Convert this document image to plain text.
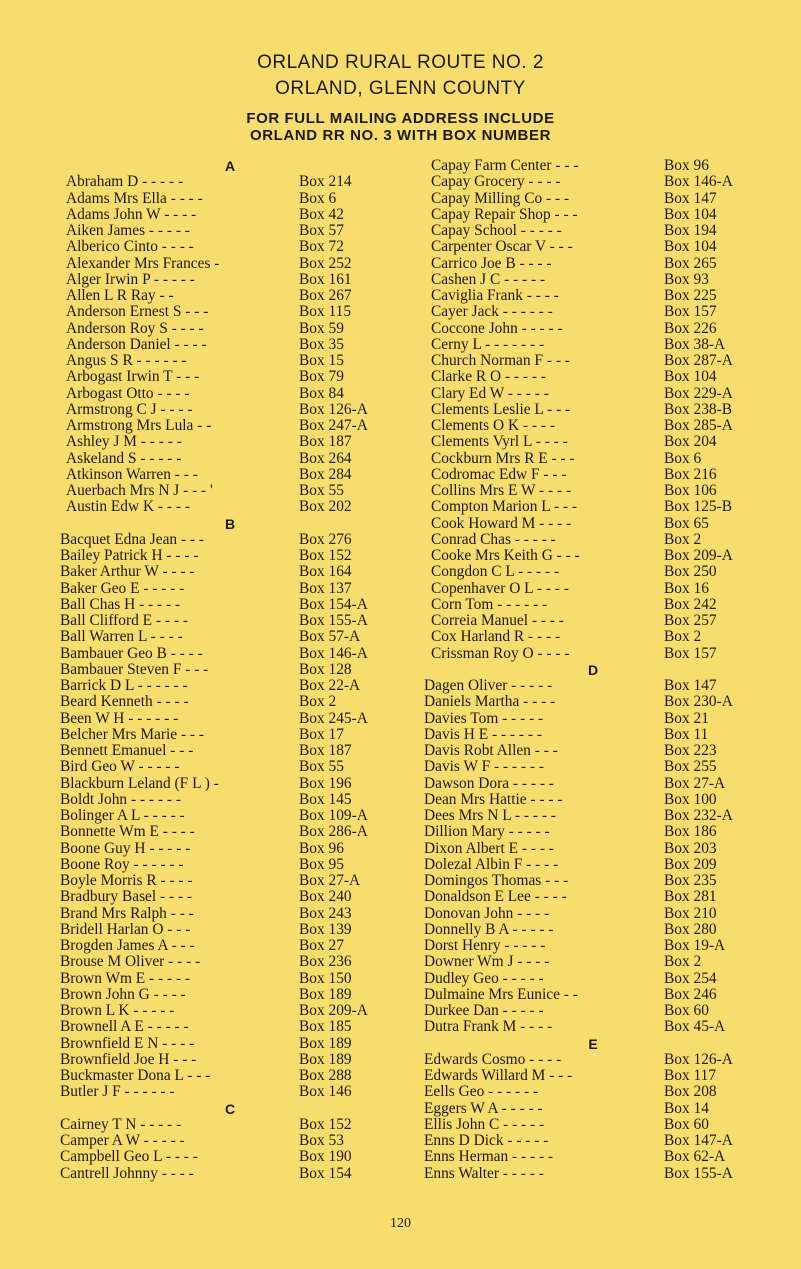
ORLAND RURAL ROUTE NO. 2
ORLAND, GLENN COUNTY
FOR FULL MAILING ADDRESS INCLUDE
ORLAND RR NO. 3 WITH BOX NUMBER
A
Abraham D - - - - -	Box 214
Adams Mrs Ella - - - -	Box 6
Adams John W - - - -	Box 42
Aiken James - - - - -	Box 57
Alberico Cinto - - - -	Box 72
Alexander Mrs Frances -	Box 252
Alger Irwin P - - - - -	Box 161
Allen L R Ray - -	Box 267
Anderson Ernest S - - -	Box 115
Anderson Roy S - - - -	Box 59
Anderson Daniel - - - -	Box 35
Angus S R - - - - - -	Box 15
Arbogast Irwin T - - -	Box 79
Arbogast Otto - - - -	Box 84
Armstrong C J - - - -	Box 126-A
Armstrong Mrs Lula - -	Box 247-A
Ashley J M - - - - -	Box 187
Askeland S - - - - -	Box 264
Atkinson Warren - - -	Box 284
Auerbach Mrs N J - - - '	Box 55
Austin Edw K - - - -	Box 202
B
Bacquet Edna Jean - - -	Box 276
Bailey Patrick H - - - -	Box 152
Baker Arthur W - - - -	Box 164
Baker Geo E - - - - -	Box 137
Ball Chas H - - - - -	Box 154-A
Ball Clifford E - - - -	Box 155-A
Ball Warren L - - - -	Box 57-A
Bambauer Geo B - - - -	Box 146-A
Bambauer Steven F - - -	Box 128
Barrick D L - - - - - -	Box 22-A
Beard Kenneth - - - -	Box 2
Been W H - - - - - -	Box 245-A
Belcher Mrs Marie - - -	Box 17
Bennett Emanuel - - -	Box 187
Bird Geo W - - - - -	Box 55
Blackburn Leland (F L ) -	Box 196
Boldt John - - - - - -	Box 145
Bolinger A L - - - - -	Box 109-A
Bonnette Wm E - - - -	Box 286-A
Boone Guy H - - - - -	Box 96
Boone Roy - - - - - -	Box 95
Boyle Morris R - - - -	Box 27-A
Bradbury Basel - - - -	Box 240
Brand Mrs Ralph - - -	Box 243
Bridell Harlan O - - -	Box 139
Brogden James A - - -	Box 27
Brouse M Oliver - - - -	Box 236
Brown Wm E - - - - -	Box 150
Brown John G - - - -	Box 189
Brown L K - - - - -	Box 209-A
Brownell A E - - - - -	Box 185
Brownfield E N - - - -	Box 189
Brownfield Joe H - - -	Box 189
Buckmaster Dona L - - -	Box 288
Butler J F - - - - - -	Box 146
C
Cairney T N - - - - -	Box 152
Camper A W - - - - -	Box 53
Campbell Geo L - - - -	Box 190
Cantrell Johnny - - - -	Box 154
Capay Farm Center - - -	Box 96
Capay Grocery - - - -	Box 146-A
Capay Milling Co - - -	Box 147
Capay Repair Shop - - -	Box 104
Capay School - - - - -	Box 194
Carpenter Oscar V - - -	Box 104
Carrico Joe B - - - -	Box 265
Cashen J C - - - - -	Box 93
Caviglia Frank - - - -	Box 225
Cayer Jack - - - - - -	Box 157
Coccone John - - - - -	Box 226
Cerny L - - - - - - -	Box 38-A
Church Norman F - - -	Box 287-A
Clarke R O - - - - -	Box 104
Clary Ed W - - - - -	Box 229-A
Clements Leslie L - - -	Box 238-B
Clements O K - - - -	Box 285-A
Clements Vyrl L - - - -	Box 204
Cockburn Mrs R E - - -	Box 6
Codromac Edw F - - -	Box 216
Collins Mrs E W - - - -	Box 106
Compton Marion L - - -	Box 125-B
Cook Howard M - - - -	Box 65
Conrad Chas - - - - -	Box 2
Cooke Mrs Keith G - - -	Box 209-A
Congdon C L - - - - -	Box 250
Copenhaver O L - - - -	Box 16
Corn Tom - - - - - -	Box 242
Correia Manuel - - - -	Box 257
Cox Harland R - - - -	Box 2
Crissman Roy O - - - -	Box 157
D
Dagen Oliver - - - - -	Box 147
Daniels Martha - - - -	Box 230-A
Davies Tom - - - - -	Box 21
Davis H E - - - - - -	Box 11
Davis Robt Allen - - -	Box 223
Davis W F - - - - - -	Box 255
Dawson Dora - - - - -	Box 27-A
Dean Mrs Hattie - - - -	Box 100
Dees Mrs N L - - - - -	Box 232-A
Dillion Mary - - - - -	Box 186
Dixon Albert E - - - -	Box 203
Dolezal Albin F - - - -	Box 209
Domingos Thomas - - -	Box 235
Donaldson E Lee - - - -	Box 281
Donovan John - - - -	Box 210
Donnelly B A - - - - -	Box 280
Dorst Henry - - - - -	Box 19-A
Downer Wm J - - - -	Box 2
Dudley Geo - - - - -	Box 254
Dulmaine Mrs Eunice - -	Box 246
Durkee Dan - - - - -	Box 60
Dutra Frank M - - - -	Box 45-A
E
Edwards Cosmo - - - -	Box 126-A
Edwards Willard M - - -	Box 117
Eells Geo - - - - - -	Box 208
Eggers W A - - - - -	Box 14
Ellis John C - - - - -	Box 60
Enns D Dick - - - - -	Box 147-A
Enns Herman - - - - -	Box 62-A
Enns Walter - - - - -	Box 155-A
120
